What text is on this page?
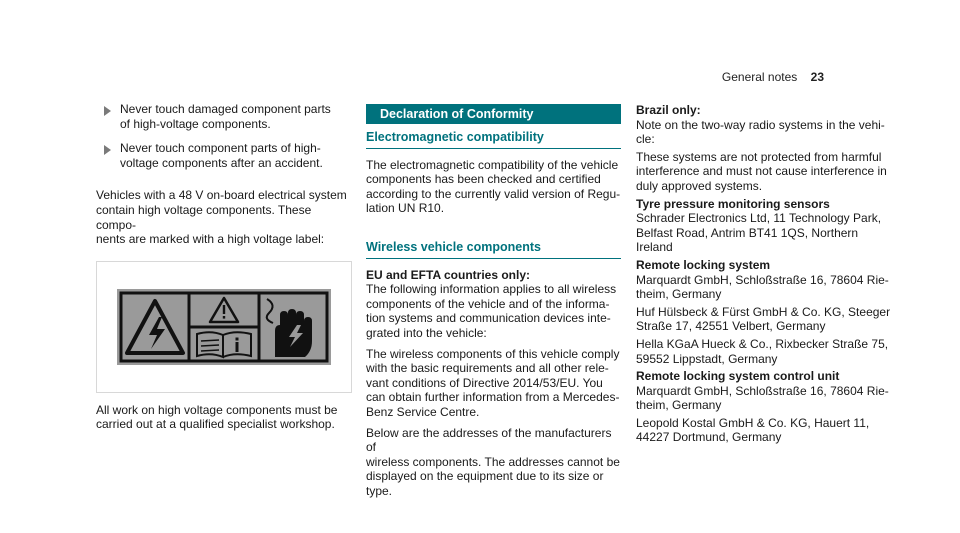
General notes 23
Never touch damaged component parts
of high-voltage components.
Never touch component parts of high-
voltage components after an accident.
Vehicles with a 48 V on-board electrical system
contain high voltage components. These compo-
nents are marked with a high voltage label:
All work on high voltage components must be
carried out at a qualified specialist workshop.
Declaration of Conformity
Electromagnetic compatibility
The electromagnetic compatibility of the vehicle
components has been checked and certified
according to the currently valid version of Regu-
lation UN R10.
Wireless vehicle components
EU and EFTA countries only:
The following information applies to all wireless
components of the vehicle and of the informa-
tion systems and communication devices inte-
grated into the vehicle:
The wireless components of this vehicle comply
with the basic requirements and all other rele-
vant conditions of Directive 2014/53/EU. You
can obtain further information from a Mercedes-
Benz Service Centre.
Below are the addresses of the manufacturers of
wireless components. The addresses cannot be
displayed on the equipment due to its size or
type.
Brazil only:
Note on the two-way radio systems in the vehi-
cle:
These systems are not protected from harmful
interference and must not cause interference in
duly approved systems.
Tyre pressure monitoring sensors
Schrader Electronics Ltd, 11 Technology Park,
Belfast Road, Antrim BT41 1QS, Northern Ireland
Remote locking system
Marquardt GmbH, Schloßstraße 16, 78604 Rie-
theim, Germany
Huf Hülsbeck & Fürst GmbH & Co. KG, Steeger
Straße 17, 42551 Velbert, Germany
Hella KGaA Hueck & Co., Rixbecker Straße 75,
59552 Lippstadt, Germany
Remote locking system control unit
Marquardt GmbH, Schloßstraße 16, 78604 Rie-
theim, Germany
Leopold Kostal GmbH & Co. KG, Hauert 11,
44227 Dortmund, Germany
